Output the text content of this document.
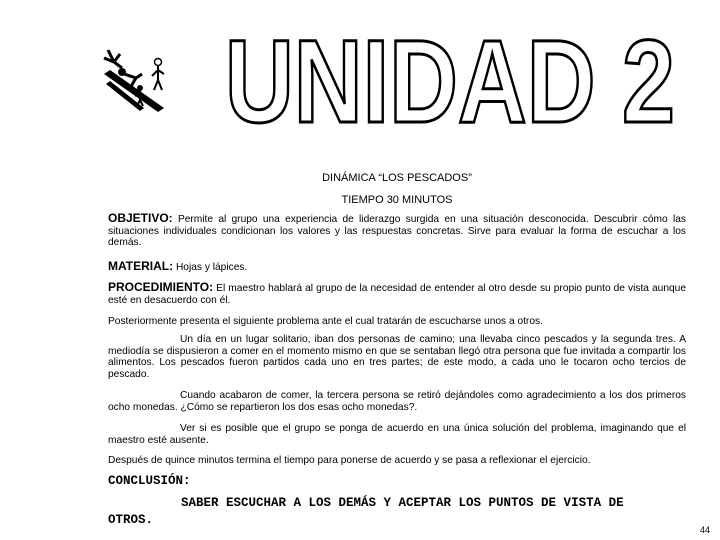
UNIDAD 2
DINÁMICA “LOS PESCADOS”
TIEMPO 30 MINUTOS
OBJETIVO: Permite al grupo una experiencia de liderazgo surgida en una situación desconocida. Descubrir cómo las situaciones individuales condicionan los valores y las respuestas concretas. Sirve para evaluar la forma de escuchar a los demás.
MATERIAL: Hojas y lápices.
PROCEDIMIENTO: El maestro hablará al grupo de la necesidad de entender al otro desde su propio punto de vista aunque esté en desacuerdo con él.
Posteriormente presenta el siguiente problema ante el cual tratarán de escucharse unos a otros.
Un día en un lugar solitario, iban dos personas de camino; una llevaba cinco pescados y la segunda tres. A mediodía se dispusieron a comer en el momento mismo en que se sentaban llegó otra persona que fue invitada a compartir los alimentos. Los pescados fueron partidos cada uno en tres partes; de este modo, a cada uno le tocaron ocho tercios de pescado.
Cuando acabaron de comer, la tercera persona se retiró dejándoles como agradecimiento a los dos primeros ocho monedas. ¿Cómo se repartieron los dos esas ocho monedas?.
Ver si es posible que el grupo se ponga de acuerdo en una única solución del problema, imaginando que el maestro esté ausente.
Después de quince minutos termina el tiempo para ponerse de acuerdo y se pasa a reflexionar el ejercicio.
CONCLUSIÓN:
SABER ESCUCHAR A LOS DEMÁS Y ACEPTAR LOS PUNTOS DE VISTA DE
OTROS.
44
